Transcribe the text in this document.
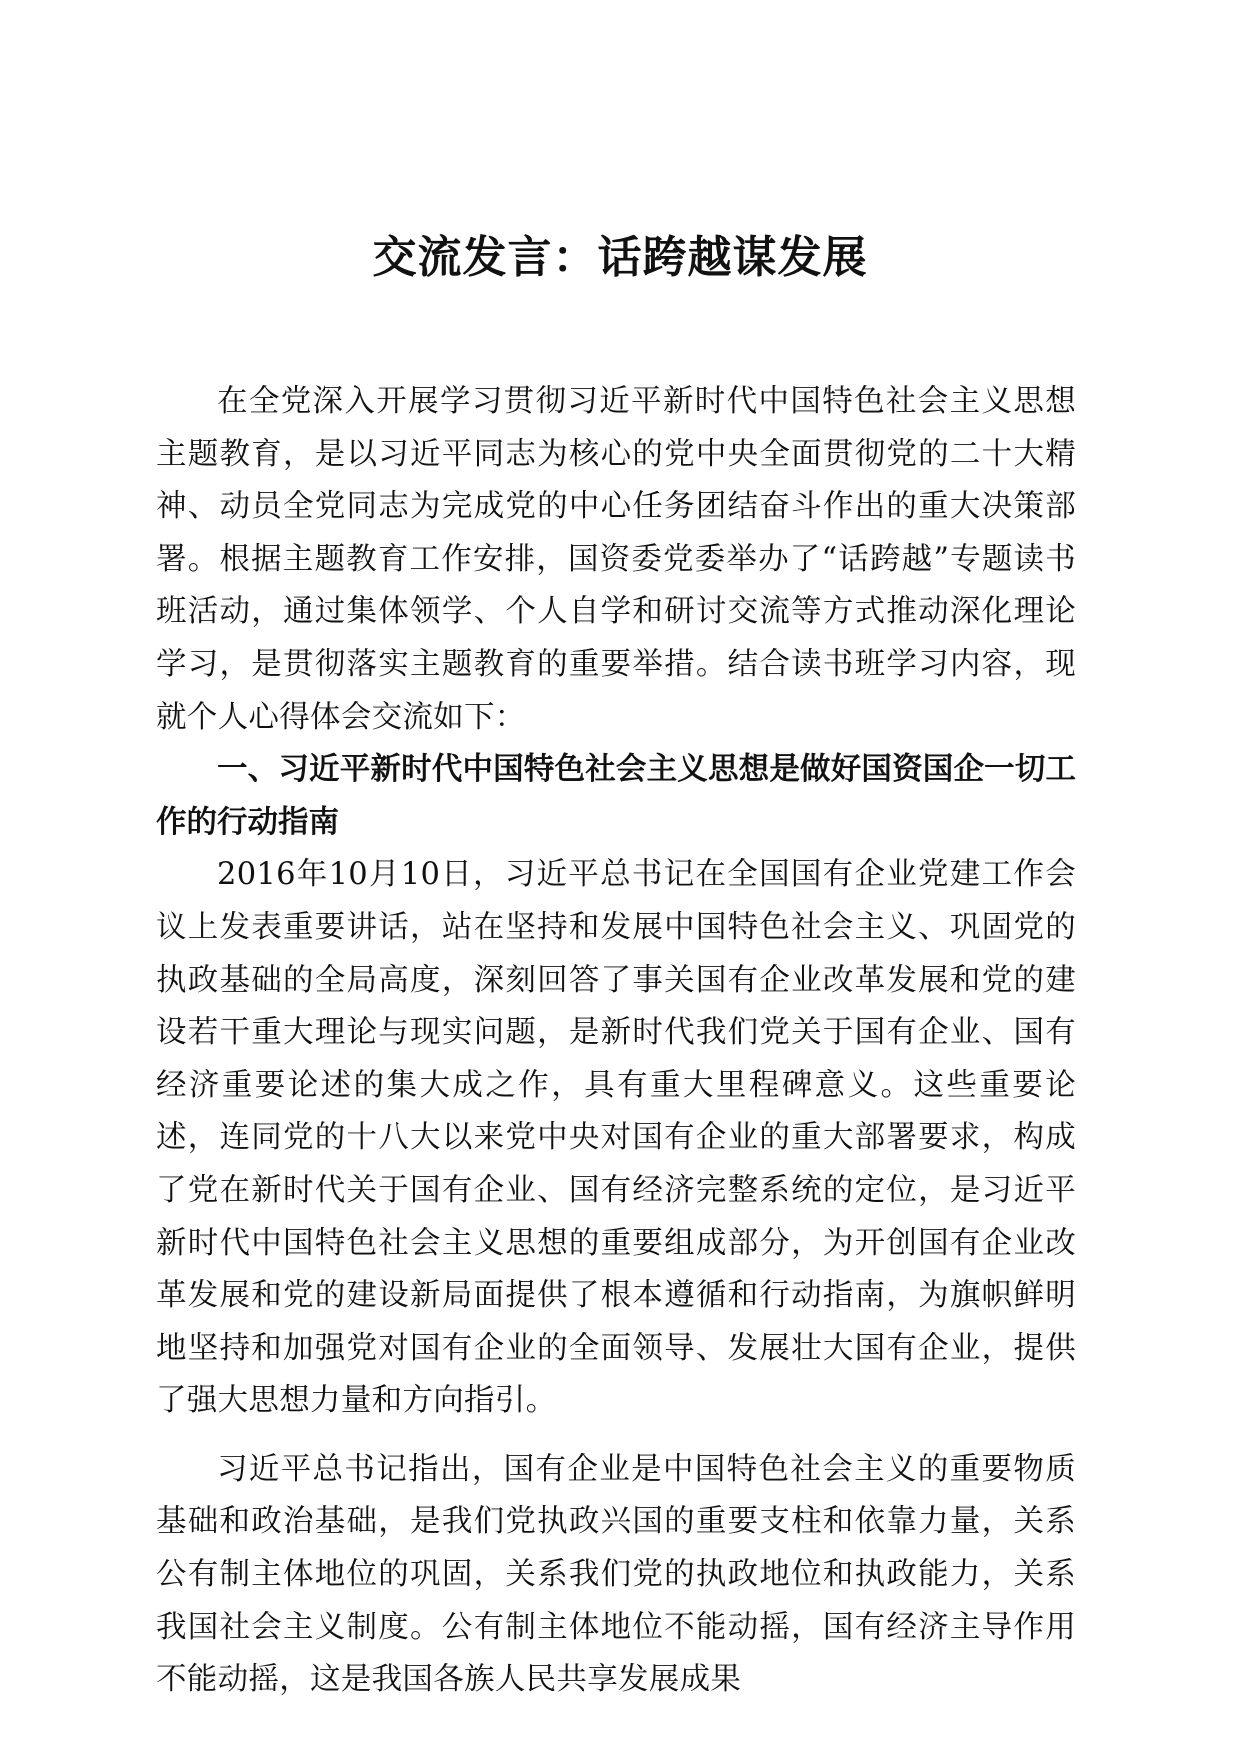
交流发言：话跨越谋发展

在全党深入开展学习贯彻习近平新时代中国特色社会主义思想主题教育，是以习近平同志为核心的党中央全面贯彻党的二十大精神、动员全党同志为完成党的中心任务团结奋斗作出的重大决策部署。根据主题教育工作安排，国资委党委举办了“话跨越”专题读书班活动，通过集体领学、个人自学和研讨交流等方式推动深化理论学习，是贯彻落实主题教育的重要举措。结合读书班学习内容，现就个人心得体会交流如下：

一、习近平新时代中国特色社会主义思想是做好国资国企一切工作的行动指南

2016年10月10日，习近平总书记在全国国有企业党建工作会议上发表重要讲话，站在坚持和发展中国特色社会主义、巩固党的执政基础的全局高度，深刻回答了事关国有企业改革发展和党的建设若干重大理论与现实问题，是新时代我们党关于国有企业、国有经济重要论述的集大成之作，具有重大里程碑意义。这些重要论述，连同党的十八大以来党中央对国有企业的重大部署要求，构成了党在新时代关于国有企业、国有经济完整系统的定位，是习近平新时代中国特色社会主义思想的重要组成部分，为开创国有企业改革发展和党的建设新局面提供了根本遵循和行动指南，为旗帜鲜明地坚持和加强党对国有企业的全面领导、发展壮大国有企业，提供了强大思想力量和方向指引。

习近平总书记指出，国有企业是中国特色社会主义的重要物质基础和政治基础，是我们党执政兴国的重要支柱和依靠力量，关系公有制主体地位的巩固，关系我们党的执政地位和执政能力，关系我国社会主义制度。公有制主体地位不能动摇，国有经济主导作用不能动摇，这是我国各族人民共享发展成果
